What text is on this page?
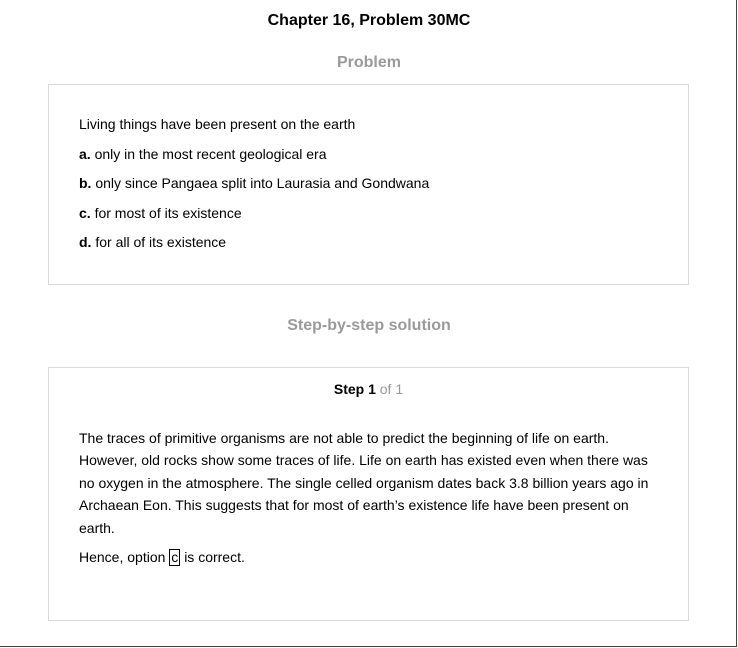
Chapter 16, Problem 30MC
Problem
Living things have been present on the earth
a. only in the most recent geological era
b. only since Pangaea split into Laurasia and Gondwana
c. for most of its existence
d. for all of its existence
Step-by-step solution
Step 1 of 1

The traces of primitive organisms are not able to predict the beginning of life on earth. However, old rocks show some traces of life. Life on earth has existed even when there was no oxygen in the atmosphere. The single celled organism dates back 3.8 billion years ago in Archaean Eon. This suggests that for most of earth’s existence life have been present on earth.

Hence, option c is correct.
